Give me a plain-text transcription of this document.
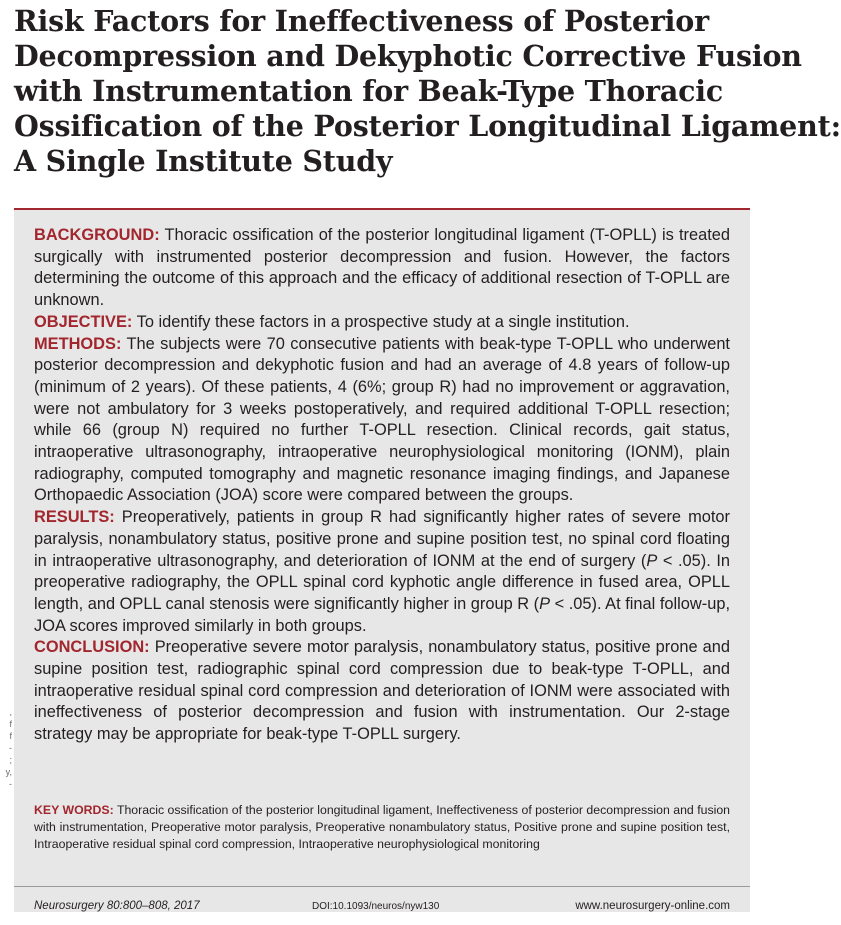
Risk Factors for Ineffectiveness of Posterior
Decompression and Dekyphotic Corrective Fusion
with Instrumentation for Beak-Type Thoracic
Ossification of the Posterior Longitudinal Ligament:
A Single Institute Study
,
f
f
-
;
y,
-

BACKGROUND: Thoracic ossification of the posterior longitudinal ligament (T-OPLL) is treated surgically with instrumented posterior decompression and fusion. However, the factors determining the outcome of this approach and the efficacy of additional resection of T-OPLL are unknown.

OBJECTIVE: To identify these factors in a prospective study at a single institution.

METHODS: The subjects were 70 consecutive patients with beak-type T-OPLL who underwent posterior decompression and dekyphotic fusion and had an average of 4.8 years of follow-up (minimum of 2 years). Of these patients, 4 (6%; group R) had no improvement or aggravation, were not ambulatory for 3 weeks postoperatively, and required additional T-OPLL resection; while 66 (group N) required no further T-OPLL resection. Clinical records, gait status, intraoperative ultrasonography, intraoperative neurophysiological monitoring (IONM), plain radiography, computed tomography and magnetic resonance imaging findings, and Japanese Orthopaedic Association (JOA) score were compared between the groups.

RESULTS: Preoperatively, patients in group R had significantly higher rates of severe motor paralysis, nonambulatory status, positive prone and supine position test, no spinal cord floating in intraoperative ultrasonography, and deterioration of IONM at the end of surgery (P < .05). In preoperative radiography, the OPLL spinal cord kyphotic angle difference in fused area, OPLL length, and OPLL canal stenosis were significantly higher in group R (P < .05). At final follow-up, JOA scores improved similarly in both groups.

CONCLUSION: Preoperative severe motor paralysis, nonambulatory status, positive prone and supine position test, radiographic spinal cord compression due to beak-type T-OPLL, and intraoperative residual spinal cord compression and deterioration of IONM were associated with ineffectiveness of posterior decompression and fusion with instrumentation. Our 2-stage strategy may be appropriate for beak-type T-OPLL surgery.

KEY WORDS: Thoracic ossification of the posterior longitudinal ligament, Ineffectiveness of posterior decompression and fusion with instrumentation, Preoperative motor paralysis, Preoperative nonambulatory status, Positive prone and supine position test, Intraoperative residual spinal cord compression, Intraoperative neurophysiological monitoring
Neurosurgery 80:800–808, 2017	DOI:10.1093/neuros/nyw130	www.neurosurgery-online.com
